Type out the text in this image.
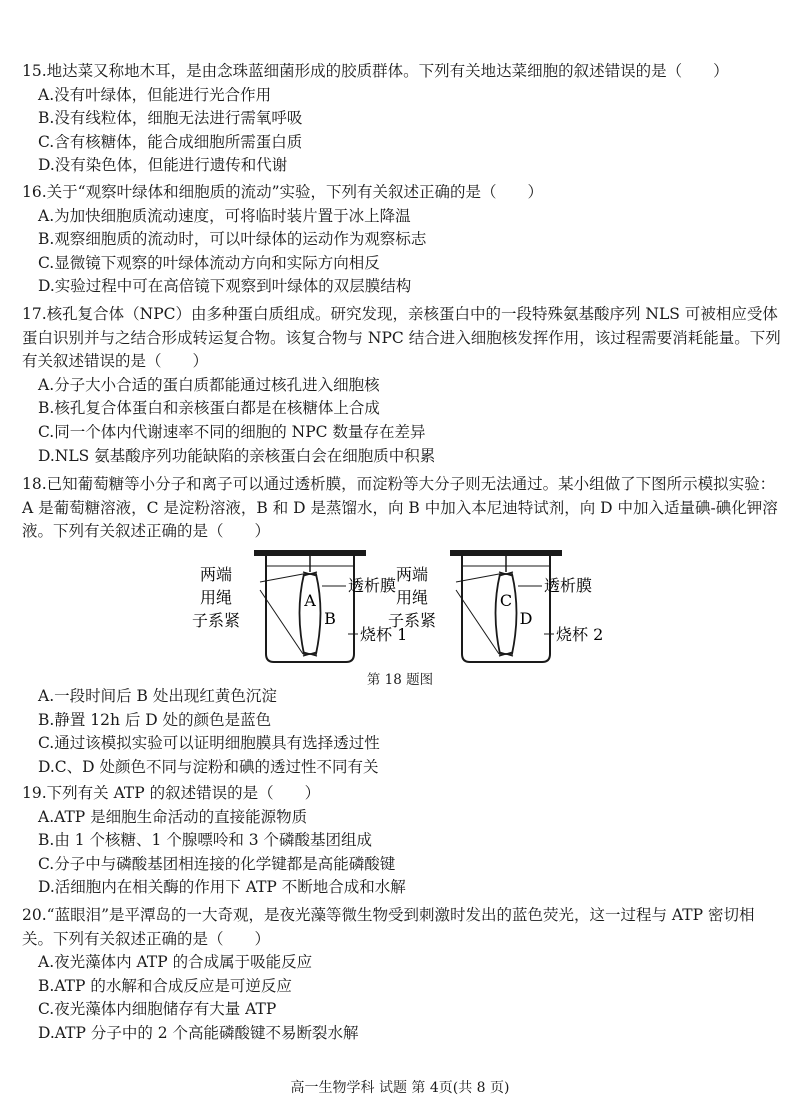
15.地达菜又称地木耳，是由念珠蓝细菌形成的胶质群体。下列有关地达菜细胞的叙述错误的是（　　）
A.没有叶绿体，但能进行光合作用
B.没有线粒体，细胞无法进行需氧呼吸
C.含有核糖体，能合成细胞所需蛋白质
D.没有染色体，但能进行遗传和代谢
16.关于“观察叶绿体和细胞质的流动”实验，下列有关叙述正确的是（　　）
A.为加快细胞质流动速度，可将临时装片置于冰上降温
B.观察细胞质的流动时，可以叶绿体的运动作为观察标志
C.显微镜下观察的叶绿体流动方向和实际方向相反
D.实验过程中可在高倍镜下观察到叶绿体的双层膜结构
17.核孔复合体（NPC）由多种蛋白质组成。研究发现，亲核蛋白中的一段特殊氨基酸序列 NLS 可被相应受体蛋白识别并与之结合形成转运复合物。该复合物与 NPC 结合进入细胞核发挥作用，该过程需要消耗能量。下列有关叙述错误的是（　　）
A.分子大小合适的蛋白质都能通过核孔进入细胞核
B.核孔复合体蛋白和亲核蛋白都是在核糖体上合成
C.同一个体内代谢速率不同的细胞的 NPC 数量存在差异
D.NLS 氨基酸序列功能缺陷的亲核蛋白会在细胞质中积累
18.已知葡萄糖等小分子和离子可以通过透析膜，而淀粉等大分子则无法通过。某小组做了下图所示模拟实验：A 是葡萄糖溶液，C 是淀粉溶液，B 和 D 是蒸馏水，向 B 中加入本尼迪特试剂，向 D 中加入适量碘-碘化钾溶液。下列有关叙述正确的是（　　）
A
B
两端
用绳
子系紧
透析膜
烧杯 1
C
D
两端
用绳
子系紧
透析膜
烧杯 2
第 18 题图
A.一段时间后 B 处出现红黄色沉淀
B.静置 12h 后 D 处的颜色是蓝色
C.通过该模拟实验可以证明细胞膜具有选择透过性
D.C、D 处颜色不同与淀粉和碘的透过性不同有关
19.下列有关 ATP 的叙述错误的是（　　）
A.ATP 是细胞生命活动的直接能源物质
B.由 1 个核糖、1 个腺嘌呤和 3 个磷酸基团组成
C.分子中与磷酸基团相连接的化学键都是高能磷酸键
D.活细胞内在相关酶的作用下 ATP 不断地合成和水解
20.“蓝眼泪”是平潭岛的一大奇观，是夜光藻等微生物受到刺激时发出的蓝色荧光，这一过程与 ATP 密切相关。下列有关叙述正确的是（　　）
A.夜光藻体内 ATP 的合成属于吸能反应
B.ATP 的水解和合成反应是可逆反应
C.夜光藻体内细胞储存有大量 ATP
D.ATP 分子中的 2 个高能磷酸键不易断裂水解
高一生物学科 试题 第 4页(共 8 页)
